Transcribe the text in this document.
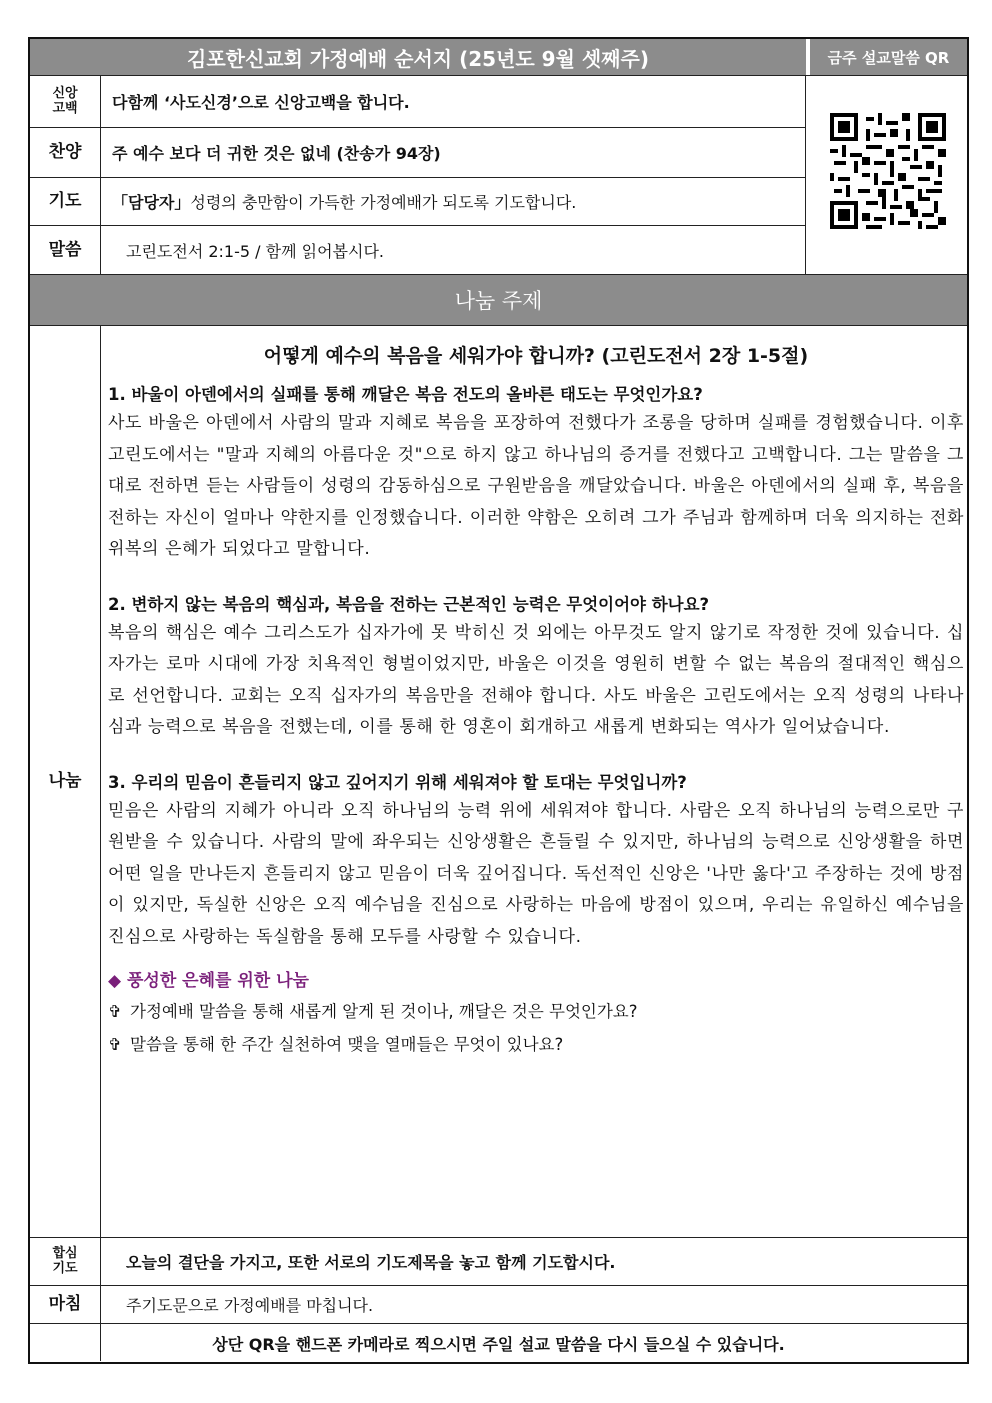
김포한신교회 가정예배 순서지 (25년도 9월 셋째주)	금주 설교말씀 QR
신앙
고백	다함께 ‘사도신경’으로 신앙고백을 합니다.
찬양	주 예수 보다 더 귀한 것은 없네 (찬송가 94장)
기도	「담당자」 성령의 충만함이 가득한 가정예배가 되도록 기도합니다.
말씀	고린도전서 2:1-5 / 함께 읽어봅시다.
나눔 주제
나눔
어떻게 예수의 복음을 세워가야 합니까? (고린도전서 2장 1-5절)

1. 바울이 아덴에서의 실패를 통해 깨달은 복음 전도의 올바른 태도는 무엇인가요?

사도 바울은 아덴에서 사람의 말과 지혜로 복음을 포장하여 전했다가 조롱을 당하며 실패를 경험했습니다. 이후 고린도에서는 "말과 지혜의 아름다운 것"으로 하지 않고 하나님의 증거를 전했다고 고백합니다. 그는 말씀을 그대로 전하면 듣는 사람들이 성령의 감동하심으로 구원받음을 깨달았습니다. 바울은 아덴에서의 실패 후, 복음을 전하는 자신이 얼마나 약한지를 인정했습니다. 이러한 약함은 오히려 그가 주님과 함께하며 더욱 의지하는 전화위복의 은혜가 되었다고 말합니다.

2. 변하지 않는 복음의 핵심과, 복음을 전하는 근본적인 능력은 무엇이어야 하나요?

복음의 핵심은 예수 그리스도가 십자가에 못 박히신 것 외에는 아무것도 알지 않기로 작정한 것에 있습니다. 십자가는 로마 시대에 가장 치욕적인 형벌이었지만, 바울은 이것을 영원히 변할 수 없는 복음의 절대적인 핵심으로 선언합니다. 교회는 오직 십자가의 복음만을 전해야 합니다. 사도 바울은 고린도에서는 오직 성령의 나타나심과 능력으로 복음을 전했는데, 이를 통해 한 영혼이 회개하고 새롭게 변화되는 역사가 일어났습니다.

3. 우리의 믿음이 흔들리지 않고 깊어지기 위해 세워져야 할 토대는 무엇입니까?

믿음은 사람의 지혜가 아니라 오직 하나님의 능력 위에 세워져야 합니다. 사람은 오직 하나님의 능력으로만 구원받을 수 있습니다. 사람의 말에 좌우되는 신앙생활은 흔들릴 수 있지만, 하나님의 능력으로 신앙생활을 하면 어떤 일을 만나든지 흔들리지 않고 믿음이 더욱 깊어집니다. 독선적인 신앙은 '나만 옳다'고 주장하는 것에 방점이 있지만, 독실한 신앙은 오직 예수님을 진심으로 사랑하는 마음에 방점이 있으며, 우리는 유일하신 예수님을 진심으로 사랑하는 독실함을 통해 모두를 사랑할 수 있습니다.

◆ 풍성한 은혜를 위한 나눔
✞ 가정예배 말씀을 통해 새롭게 알게 된 것이나, 깨달은 것은 무엇인가요?
✞ 말씀을 통해 한 주간 실천하여 맺을 열매들은 무엇이 있나요?
합심
기도	오늘의 결단을 가지고, 또한 서로의 기도제목을 놓고 함께 기도합시다.
마침	주기도문으로 가정예배를 마칩니다.
상단 QR을 핸드폰 카메라로 찍으시면 주일 설교 말씀을 다시 들으실 수 있습니다.
